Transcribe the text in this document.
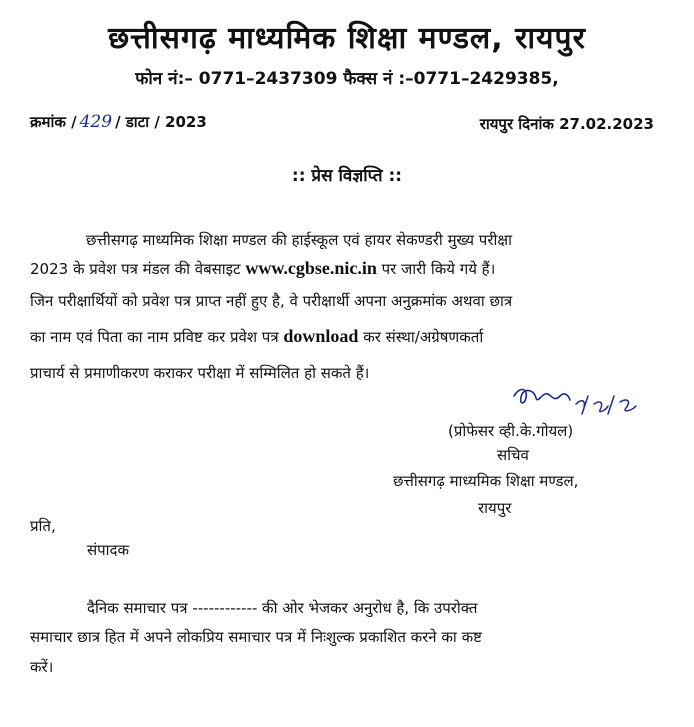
छत्तीसगढ़ माध्यमिक शिक्षा मण्डल, रायपुर
फोन नं:– 0771–2437309 फैक्स नं :–0771–2429385,
क्रमांक / 429 / डाटा / 2023	रायपुर दिनांक 27.02.2023
:: प्रेस विज्ञप्ति ::
छत्तीसगढ़ माध्यमिक शिक्षा मण्डल की हाईस्कूल एवं हायर सेकण्डरी मुख्य परीक्षा
2023 के प्रवेश पत्र मंडल की वेबसाइट www.cgbse.nic.in पर जारी किये गये हैं।
जिन परीक्षार्थियों को प्रवेश पत्र प्राप्त नहीं हुए है, वे परीक्षार्थी अपना अनुक्रमांक अथवा छात्र
का नाम एवं पिता का नाम प्रविष्ट कर प्रवेश पत्र download कर संस्था/अग्रेषणकर्ता
प्राचार्य से प्रमाणीकरण कराकर परीक्षा में सम्मिलित हो सकते हैं।
(प्रोफेसर व्ही.के.गोयल)
सचिव
छत्तीसगढ़ माध्यमिक शिक्षा मण्डल,
रायपुर
प्रति,
संपादक
दैनिक समाचार पत्र ------------ की ओर भेजकर अनुरोध है, कि उपरोक्त
समाचार छात्र हित में अपने लोकप्रिय समाचार पत्र में निःशुल्क प्रकाशित करने का कष्ट
करें।
